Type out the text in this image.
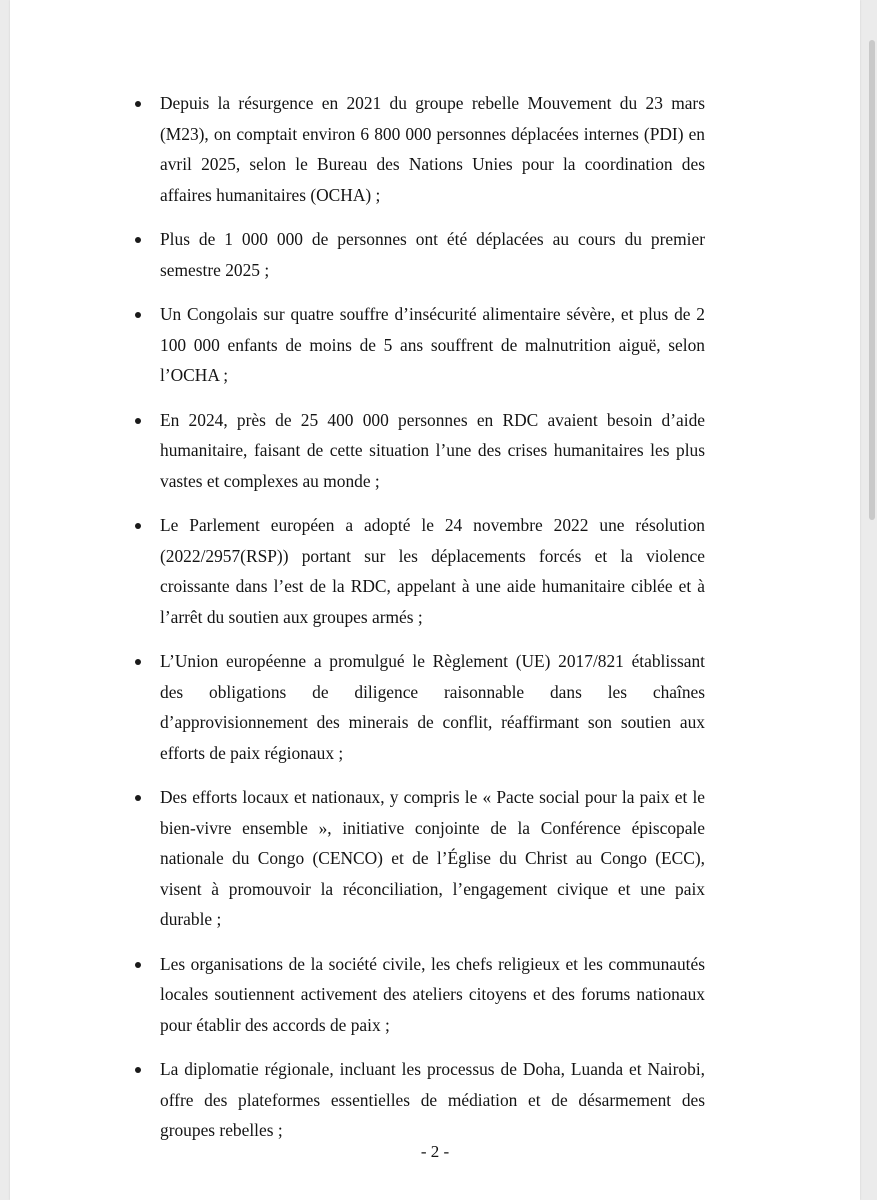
Depuis la résurgence en 2021 du groupe rebelle Mouvement du 23 mars (M23), on comptait environ 6 800 000 personnes déplacées internes (PDI) en avril 2025, selon le Bureau des Nations Unies pour la coordination des affaires humanitaires (OCHA) ;
Plus de 1 000 000 de personnes ont été déplacées au cours du premier semestre 2025 ;
Un Congolais sur quatre souffre d’insécurité alimentaire sévère, et plus de 2 100 000 enfants de moins de 5 ans souffrent de malnutrition aiguë, selon l’OCHA ;
En 2024, près de 25 400 000 personnes en RDC avaient besoin d’aide humanitaire, faisant de cette situation l’une des crises humanitaires les plus vastes et complexes au monde ;
Le Parlement européen a adopté le 24 novembre 2022 une résolution (2022/2957(RSP)) portant sur les déplacements forcés et la violence croissante dans l’est de la RDC, appelant à une aide humanitaire ciblée et à l’arrêt du soutien aux groupes armés ;
L’Union européenne a promulgué le Règlement (UE) 2017/821 établissant des obligations de diligence raisonnable dans les chaînes d’approvisionnement des minerais de conflit, réaffirmant son soutien aux efforts de paix régionaux ;
Des efforts locaux et nationaux, y compris le « Pacte social pour la paix et le bien-vivre ensemble », initiative conjointe de la Conférence épiscopale nationale du Congo (CENCO) et de l’Église du Christ au Congo (ECC), visent à promouvoir la réconciliation, l’engagement civique et une paix durable ;
Les organisations de la société civile, les chefs religieux et les communautés locales soutiennent activement des ateliers citoyens et des forums nationaux pour établir des accords de paix ;
La diplomatie régionale, incluant les processus de Doha, Luanda et Nairobi, offre des plateformes essentielles de médiation et de désarmement des groupes rebelles ;
- 2 -
